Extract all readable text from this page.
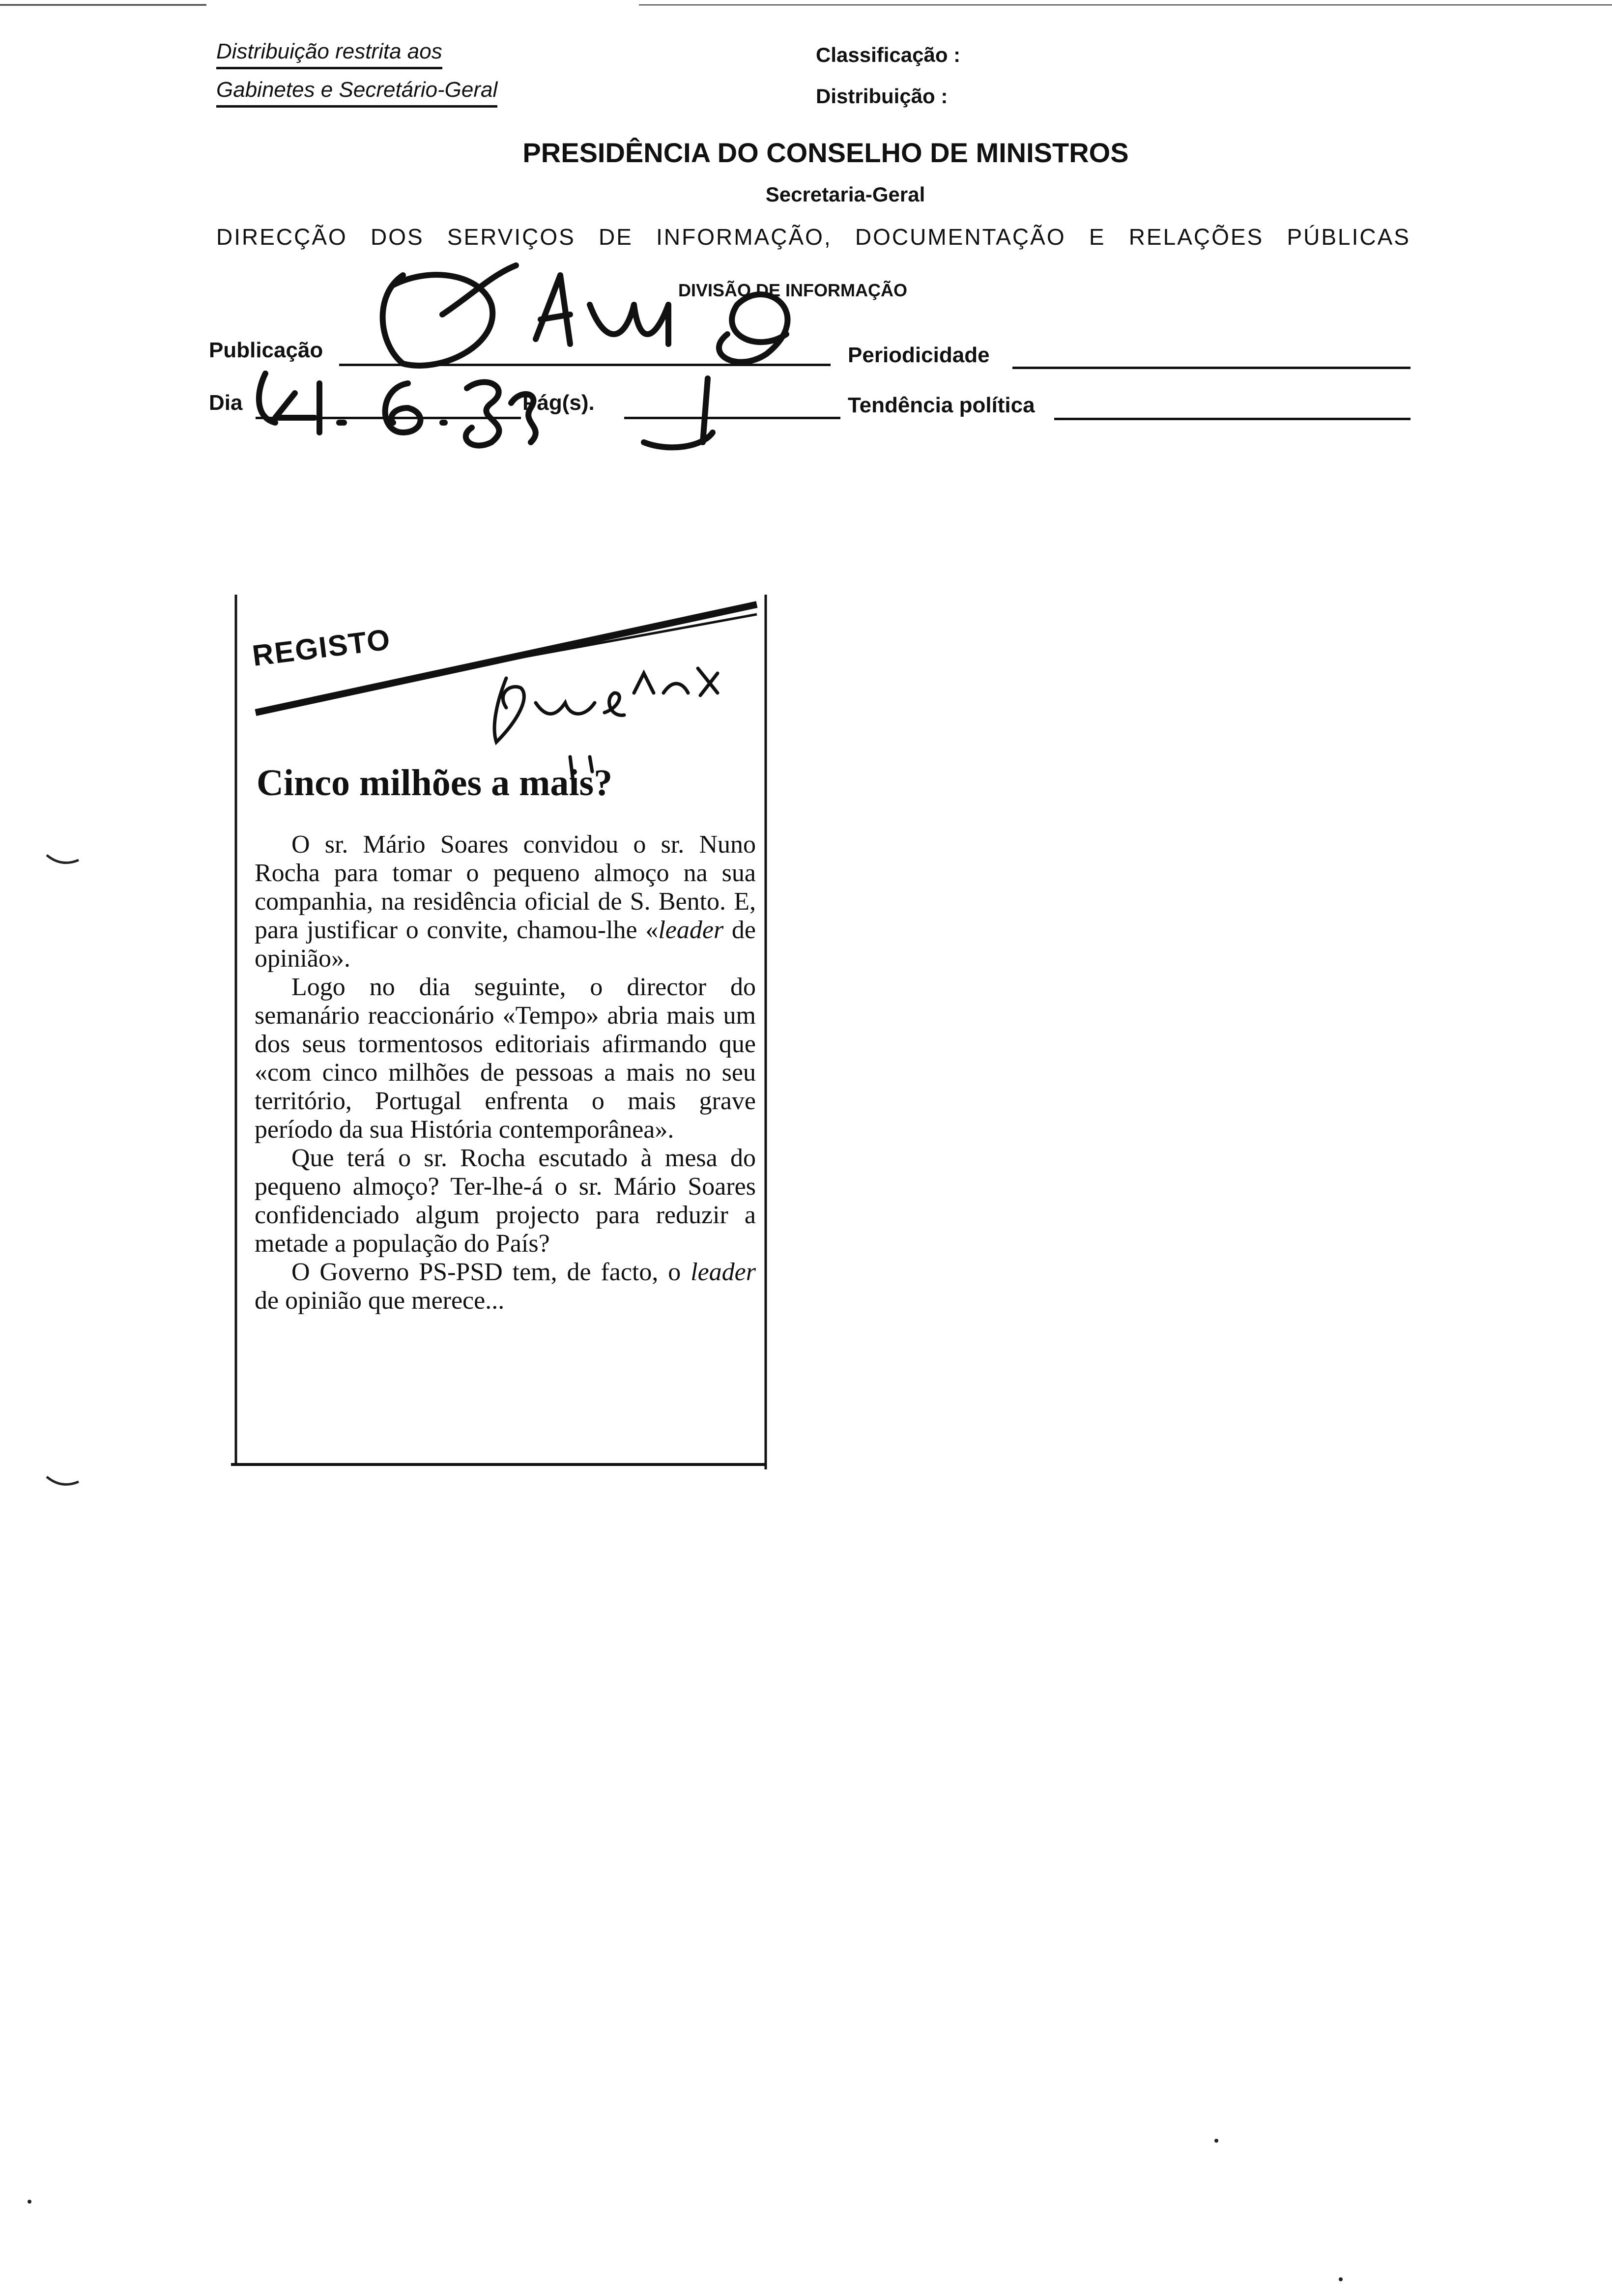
Distribuição restrita aos
Gabinetes e Secretário-Geral
Classificação :
Distribuição :
PRESIDÊNCIA DO CONSELHO DE MINISTROS
Secretaria-Geral
DIRECÇÃO DOS SERVIÇOS DE INFORMAÇÃO, DOCUMENTAÇÃO E RELAÇÕES PÚBLICAS
DIVISÃO DE INFORMAÇÃO
Publicação	Periodicidade
Dia	Pág(s).	Tendência política
REGISTO
Cinco milhões a mais?

O sr. Mário Soares convidou o sr. Nuno Rocha para tomar o pequeno almoço na sua companhia, na residência oficial de S. Bento. E, para justificar o convite, chamou-lhe «leader de opinião».

Logo no dia seguinte, o director do semanário reaccionário «Tempo» abria mais um dos seus tormentosos editoriais afirmando que «com cinco milhões de pessoas a mais no seu território, Portugal enfrenta o mais grave período da sua História contemporânea».

Que terá o sr. Rocha escutado à mesa do pequeno almoço? Ter-lhe-á o sr. Mário Soares confidenciado algum projecto para reduzir a metade a população do País?

O Governo PS-PSD tem, de facto, o leader de opinião que merece...
